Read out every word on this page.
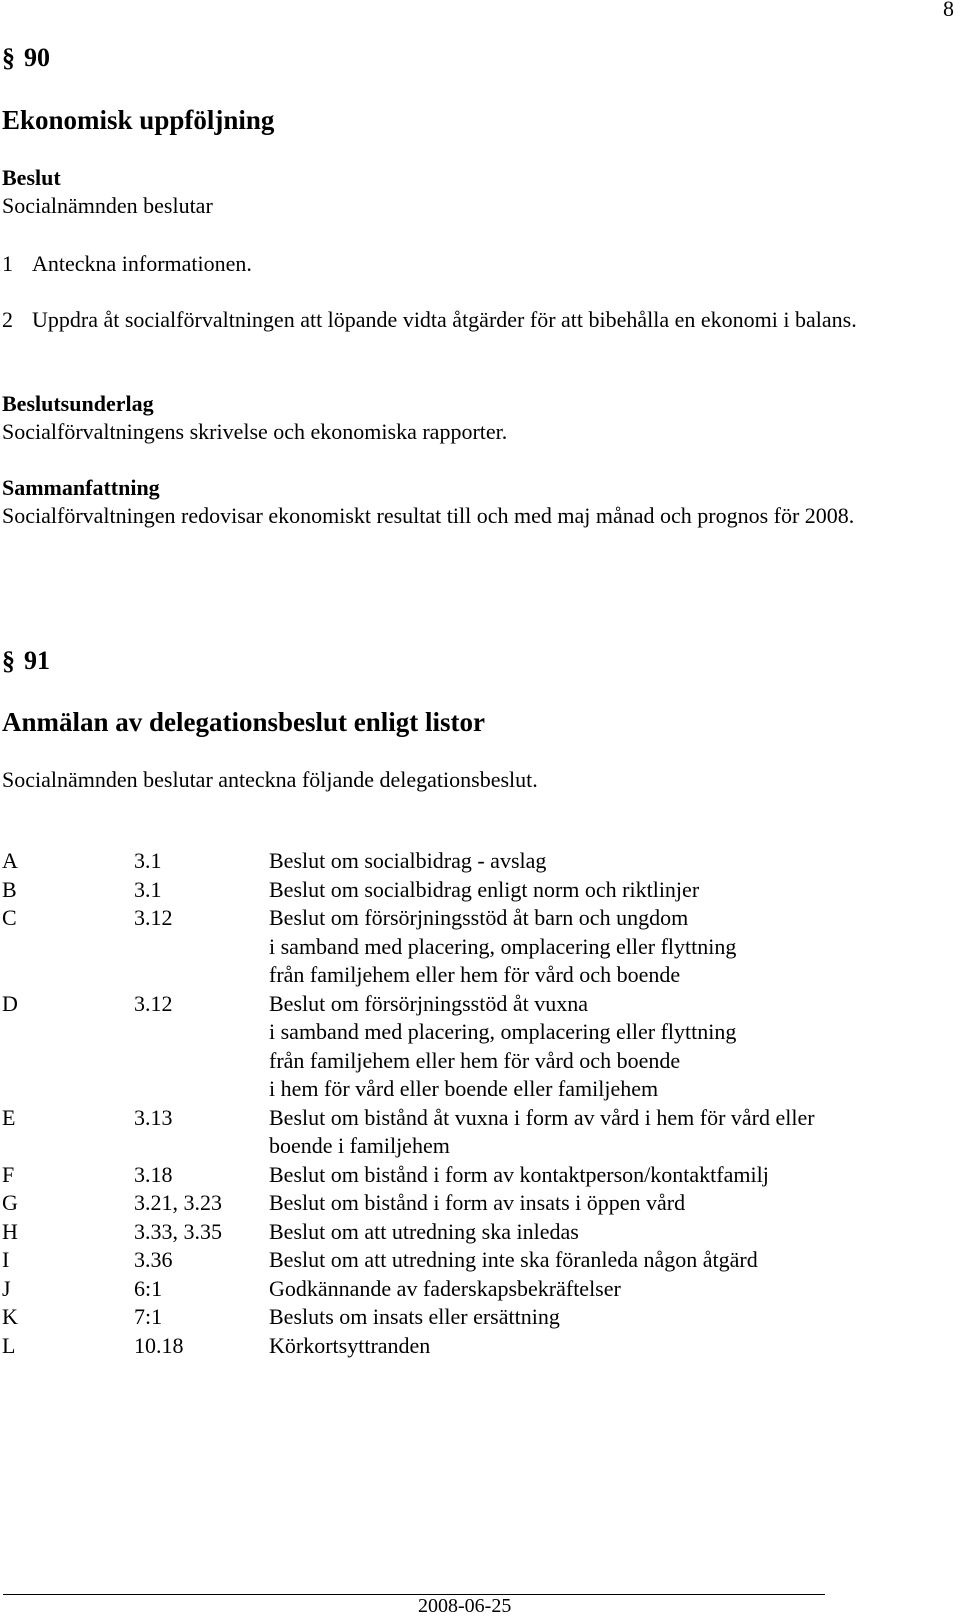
8
§ 90
Ekonomisk uppföljning
Beslut
Socialnämnden beslutar
1 Anteckna informationen.
2 Uppdra åt socialförvaltningen att löpande vidta åtgärder för att bibehålla en ekonomi i balans.
Beslutsunderlag
Socialförvaltningens skrivelse och ekonomiska rapporter.
Sammanfattning
Socialförvaltningen redovisar ekonomiskt resultat till och med maj månad och prognos för 2008.
§ 91
Anmälan av delegationsbeslut enligt listor
Socialnämnden beslutar anteckna följande delegationsbeslut.
A	3.1	Beslut om socialbidrag - avslag
B	3.1	Beslut om socialbidrag enligt norm och riktlinjer
C	3.12	Beslut om försörjningsstöd åt barn och ungdom
i samband med placering, omplacering eller flyttning
från familjehem eller hem för vård och boende
D	3.12	Beslut om försörjningsstöd åt vuxna
i samband med placering, omplacering eller flyttning
från familjehem eller hem för vård och boende
i hem för vård eller boende eller familjehem
E	3.13	Beslut om bistånd åt vuxna i form av vård i hem för vård eller
boende i familjehem
F	3.18	Beslut om bistånd i form av kontaktperson/kontaktfamilj
G	3.21, 3.23	Beslut om bistånd i form av insats i öppen vård
H	3.33, 3.35	Beslut om att utredning ska inledas
I	3.36	Beslut om att utredning inte ska föranleda någon åtgärd
J	6:1	Godkännande av faderskapsbekräftelser
K	7:1	Besluts om insats eller ersättning
L	10.18	Körkortsyttranden
2008-06-25
